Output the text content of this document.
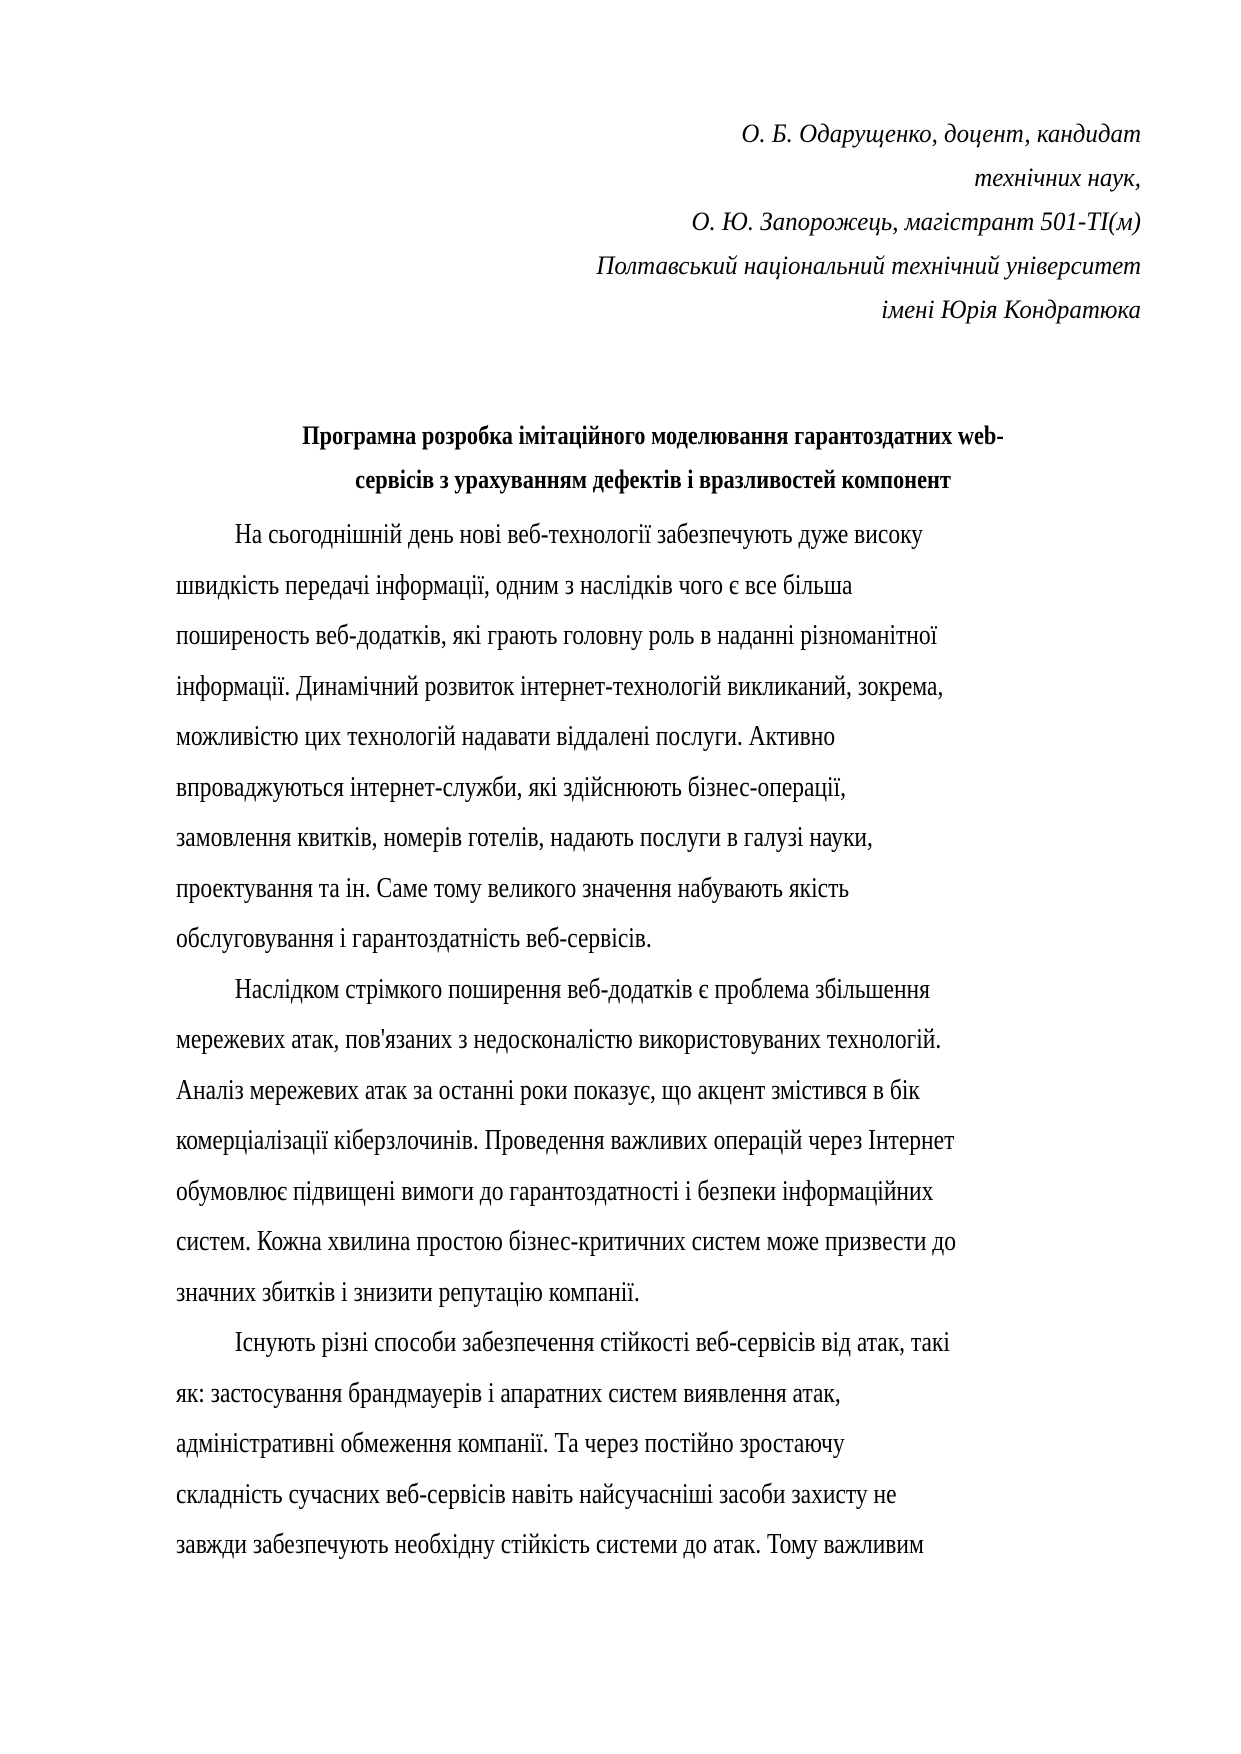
О. Б. Одарущенко, доцент, кандидат
технічних наук,
О. Ю. Запорожець, магістрант 501-ТІ(м)
Полтавський національний технічний університет
імені Юрія Кондратюка
Програмна розробка імітаційного моделювання гарантоздатних web-
сервісів з урахуванням дефектів і вразливостей компонент
На сьогоднішній день нові веб-технології забезпечують дуже високу
швидкість передачі інформації, одним з наслідків чого є все більша
поширеность веб-додатків, які грають головну роль в наданні різноманітної
інформації. Динамічний розвиток інтернет-технологій викликаний, зокрема,
можливістю цих технологій надавати віддалені послуги. Активно
впроваджуються інтернет-служби, які здійснюють бізнес-операції,
замовлення квитків, номерів готелів, надають послуги в галузі науки,
проектування та ін. Саме тому великого значення набувають якість
обслуговування і гарантоздатність веб-сервісів.
Наслідком стрімкого поширення веб-додатків є проблема збільшення
мережевих атак, пов'язаних з недосконалістю використовуваних технологій.
Аналіз мережевих атак за останні роки показує, що акцент змістився в бік
комерціалізації кіберзлочинів. Проведення важливих операцій через Інтернет
обумовлює підвищені вимоги до гарантоздатності і безпеки інформаційних
систем. Кожна хвилина простою бізнес-критичних систем може призвести до
значних збитків і знизити репутацію компанії.
Існують різні способи забезпечення стійкості веб-сервісів від атак, такі
як: застосування брандмауерів і апаратних систем виявлення атак,
адміністративні обмеження компанії. Та через постійно зростаючу
складність сучасних веб-сервісів навіть найсучасніші засоби захисту не
завжди забезпечують необхідну стійкість системи до атак. Тому важливим
